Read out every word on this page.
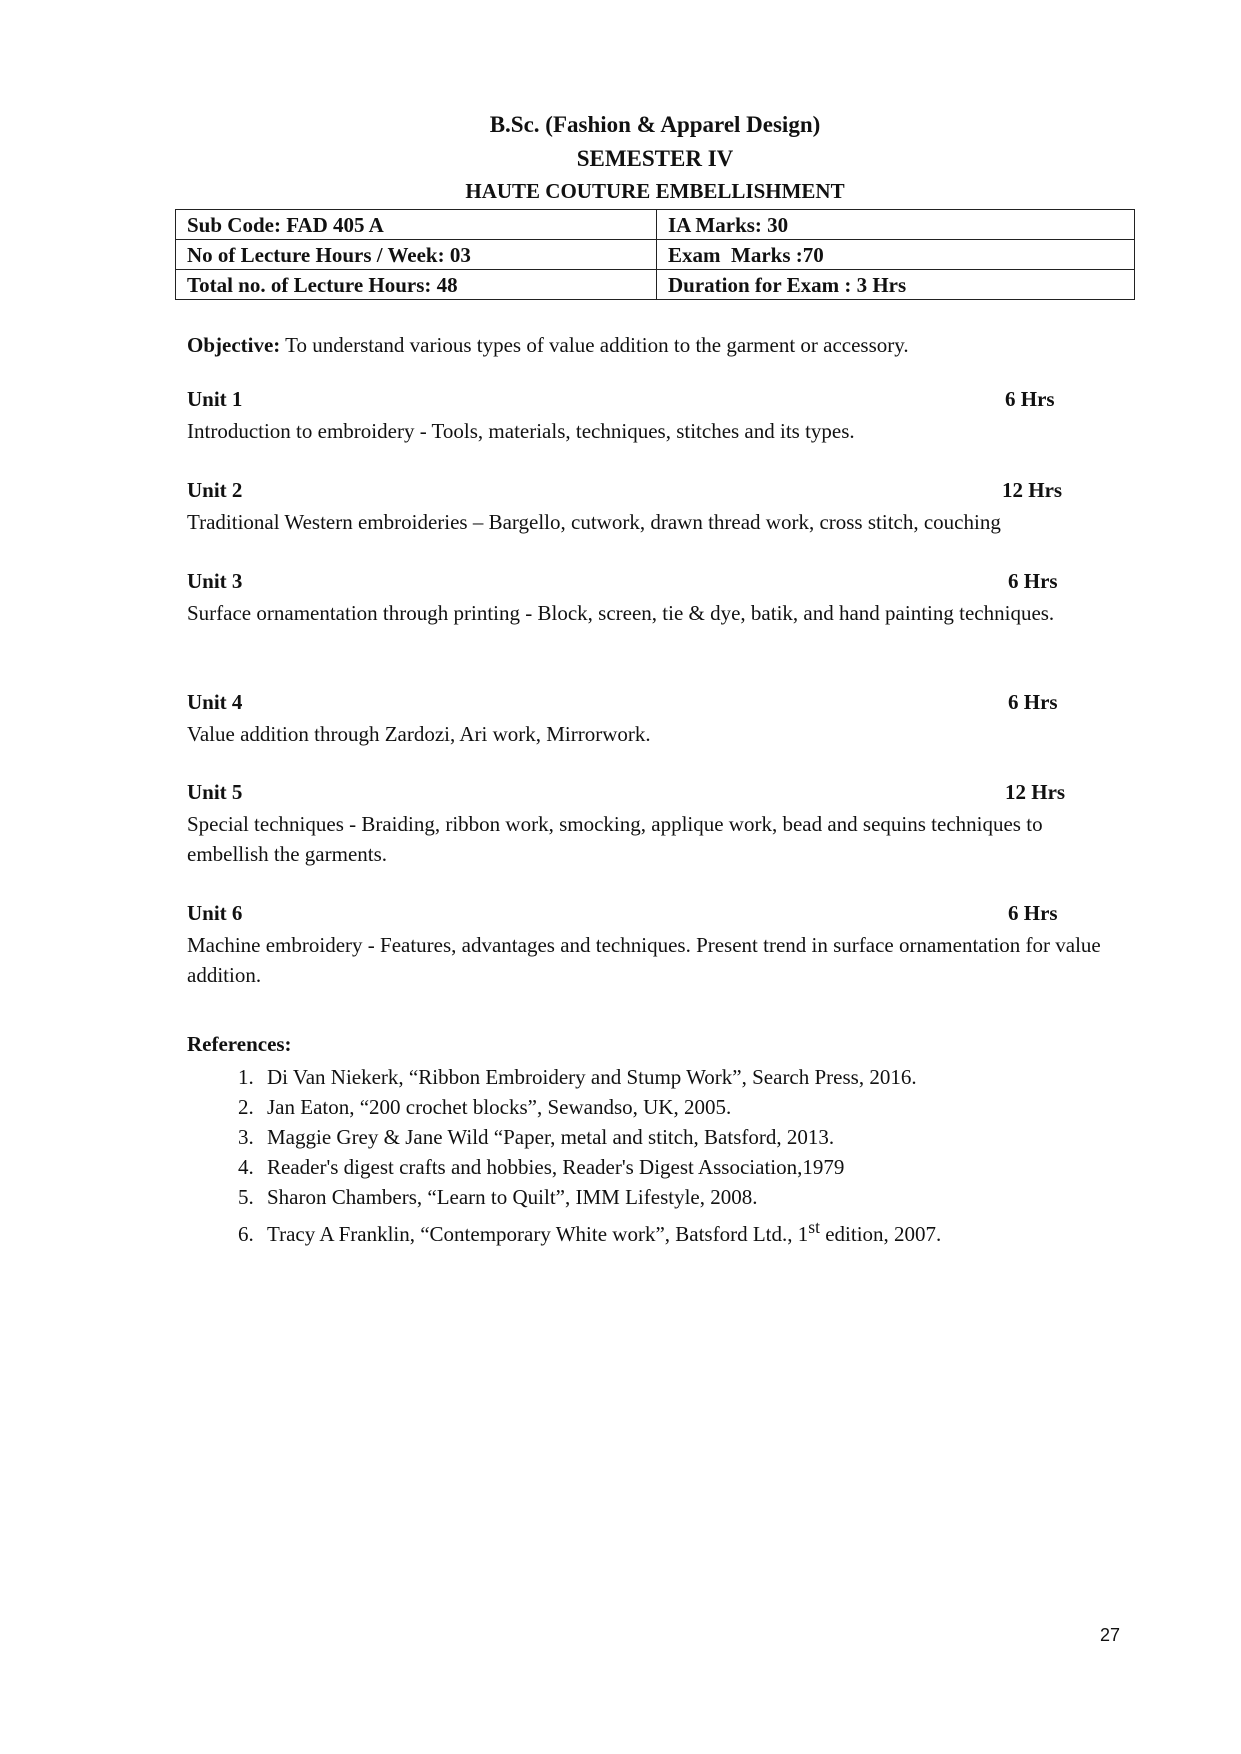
B.Sc. (Fashion & Apparel Design)
SEMESTER IV
HAUTE COUTURE EMBELLISHMENT
Sub Code: FAD 405 A	IA Marks: 30
No of Lecture Hours / Week: 03	Exam  Marks :70
Total no. of Lecture Hours: 48	Duration for Exam : 3 Hrs
Objective: To understand various types of value addition to the garment or accessory.
Unit 1	6 Hrs
Introduction to embroidery - Tools, materials, techniques, stitches and its types.
Unit 2	12 Hrs
Traditional Western embroideries – Bargello, cutwork, drawn thread work, cross stitch, couching
Unit 3	6 Hrs
Surface ornamentation through printing - Block, screen, tie & dye, batik, and hand painting techniques.
Unit 4	6 Hrs
Value addition through Zardozi, Ari work, Mirrorwork.
Unit 5	12 Hrs
Special techniques - Braiding, ribbon work, smocking, applique work, bead and sequins techniques to embellish the garments.
Unit 6	6 Hrs
Machine embroidery - Features, advantages and techniques. Present trend in surface ornamentation for value addition.
References:
1. Di Van Niekerk, “Ribbon Embroidery and Stump Work”, Search Press, 2016.
2. Jan Eaton, “200 crochet blocks”, Sewandso, UK, 2005.
3. Maggie Grey & Jane Wild “Paper, metal and stitch, Batsford, 2013.
4. Reader's digest crafts and hobbies, Reader's Digest Association,1979
5. Sharon Chambers, “Learn to Quilt”, IMM Lifestyle, 2008.
6. Tracy A Franklin, “Contemporary White work”, Batsford Ltd., 1st edition, 2007.
27
